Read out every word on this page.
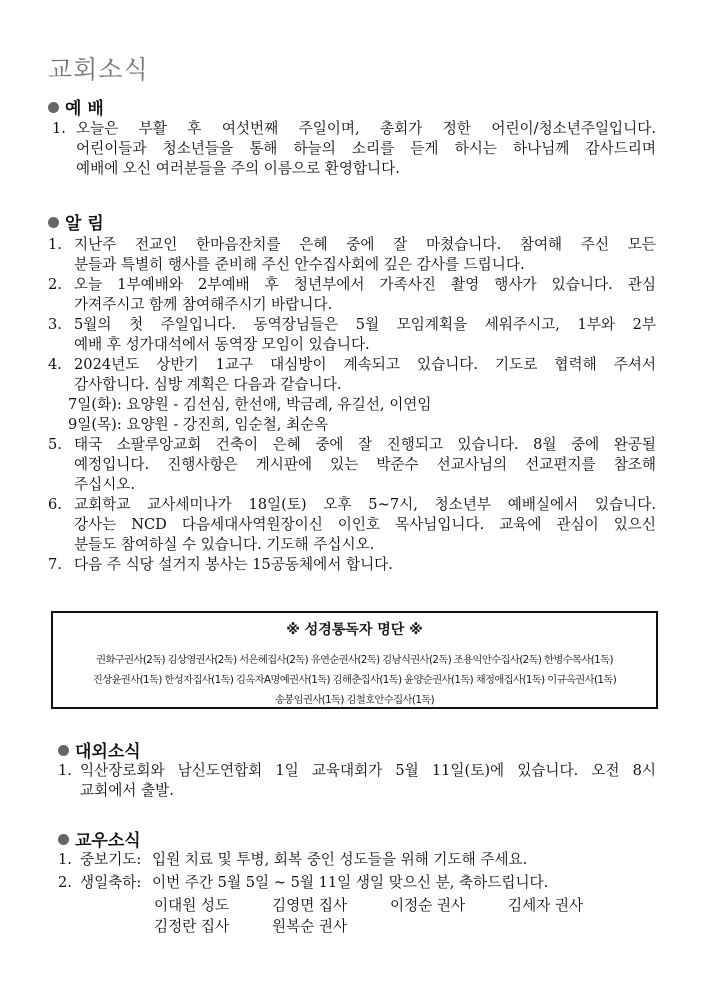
교회소식
예 배
1. 오늘은 부활 후 여섯번째 주일이며, 총회가 정한 어린이/청소년주일입니다.
어린이들과 청소년들을 통해 하늘의 소리를 듣게 하시는 하나님께 감사드리며
예배에 오신 여러분들을 주의 이름으로 환영합니다.
알 림
1. 지난주 전교인 한마음잔치를 은혜 중에 잘 마쳤습니다. 참여해 주신 모든
분들과 특별히 행사를 준비해 주신 안수집사회에 깊은 감사를 드립니다.
2. 오늘 1부예배와 2부예배 후 청년부에서 가족사진 촬영 행사가 있습니다. 관심
가져주시고 함께 참여해주시기 바랍니다.
3. 5월의 첫 주일입니다. 동역장님들은 5월 모임계획을 세워주시고, 1부와 2부
예배 후 성가대석에서 동역장 모임이 있습니다.
4. 2024년도 상반기 1교구 대심방이 계속되고 있습니다. 기도로 협력해 주셔서
감사합니다. 심방 계획은 다음과 같습니다.
7일(화): 요양원 - 김선심, 한선애, 박금례, 유길선, 이연임
9일(목): 요양원 - 강진희, 임순철, 최순옥
5. 태국 소팔루앙교회 건축이 은혜 중에 잘 진행되고 있습니다. 8월 중에 완공될
예정입니다. 진행사항은 게시판에 있는 박준수 선교사님의 선교편지를 참조해
주십시오.
6. 교회학교 교사세미나가 18일(토) 오후 5~7시, 청소년부 예배실에서 있습니다.
강사는 NCD 다음세대사역원장이신 이인호 목사님입니다. 교육에 관심이 있으신
분들도 참여하실 수 있습니다. 기도해 주십시오.
7. 다음 주 식당 설거지 봉사는 15공동체에서 합니다.
※ 성경통독자 명단 ※
권화구권사(2독) 김상영권사(2독) 서은혜집사(2독) 유연순권사(2독) 김남식권사(2독) 조용익안수집사(2독) 한병수목사(1독)
진상윤권사(1독) 한성자집사(1독) 김옥자A명예권사(1독) 김해춘집사(1독) 윤양순권사(1독) 채정애집사(1독) 이규옥권사(1독)
송봉임권사(1독) 김철호안수집사(1독)
대외소식
1. 익산장로회와 남신도연합회 1일 교육대회가 5월 11일(토)에 있습니다. 오전 8시
교회에서 출발.
교우소식
1. 중보기도: 입원 치료 및 투병, 회복 중인 성도들을 위해 기도해 주세요.
2. 생일축하: 이번 주간 5월 5일 ~ 5월 11일 생일 맞으신 분, 축하드립니다.
이대원 성도	김영면 집사	이정순 권사	김세자 권사
김정란 집사	원복순 권사
